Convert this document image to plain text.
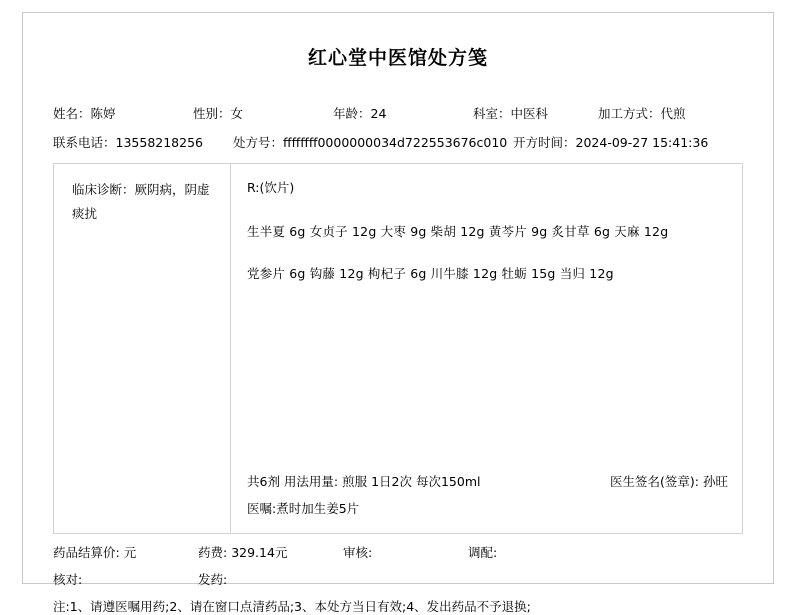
红心堂中医馆处方笺
姓名：陈婷	性别：女	年龄：24	科室：中医科	加工方式：代煎
联系电话：13558218256	处方号：ffffffff0000000034d722553676c010 开方时间：2024-09-27 15:41:36
临床诊断：厥阴病，阴虚痰扰	
R:(饮片)
生半夏 6g 女贞子 12g 大枣 9g 柴胡 12g 黄芩片 9g 炙甘草 6g 天麻 12g
党参片 6g 钩藤 12g 枸杞子 6g 川牛膝 12g 牡蛎 15g 当归 12g
共6剂 用法用量: 煎服 1日2次 每次150ml	医生签名(签章): 孙旺
医嘱:煮时加生姜5片
药品结算价: 元	药费: 329.14元	审核:	调配:
核对:	发药:
注:1、请遵医嘱用药;2、请在窗口点清药品;3、本处方当日有效;4、发出药品不予退换;
